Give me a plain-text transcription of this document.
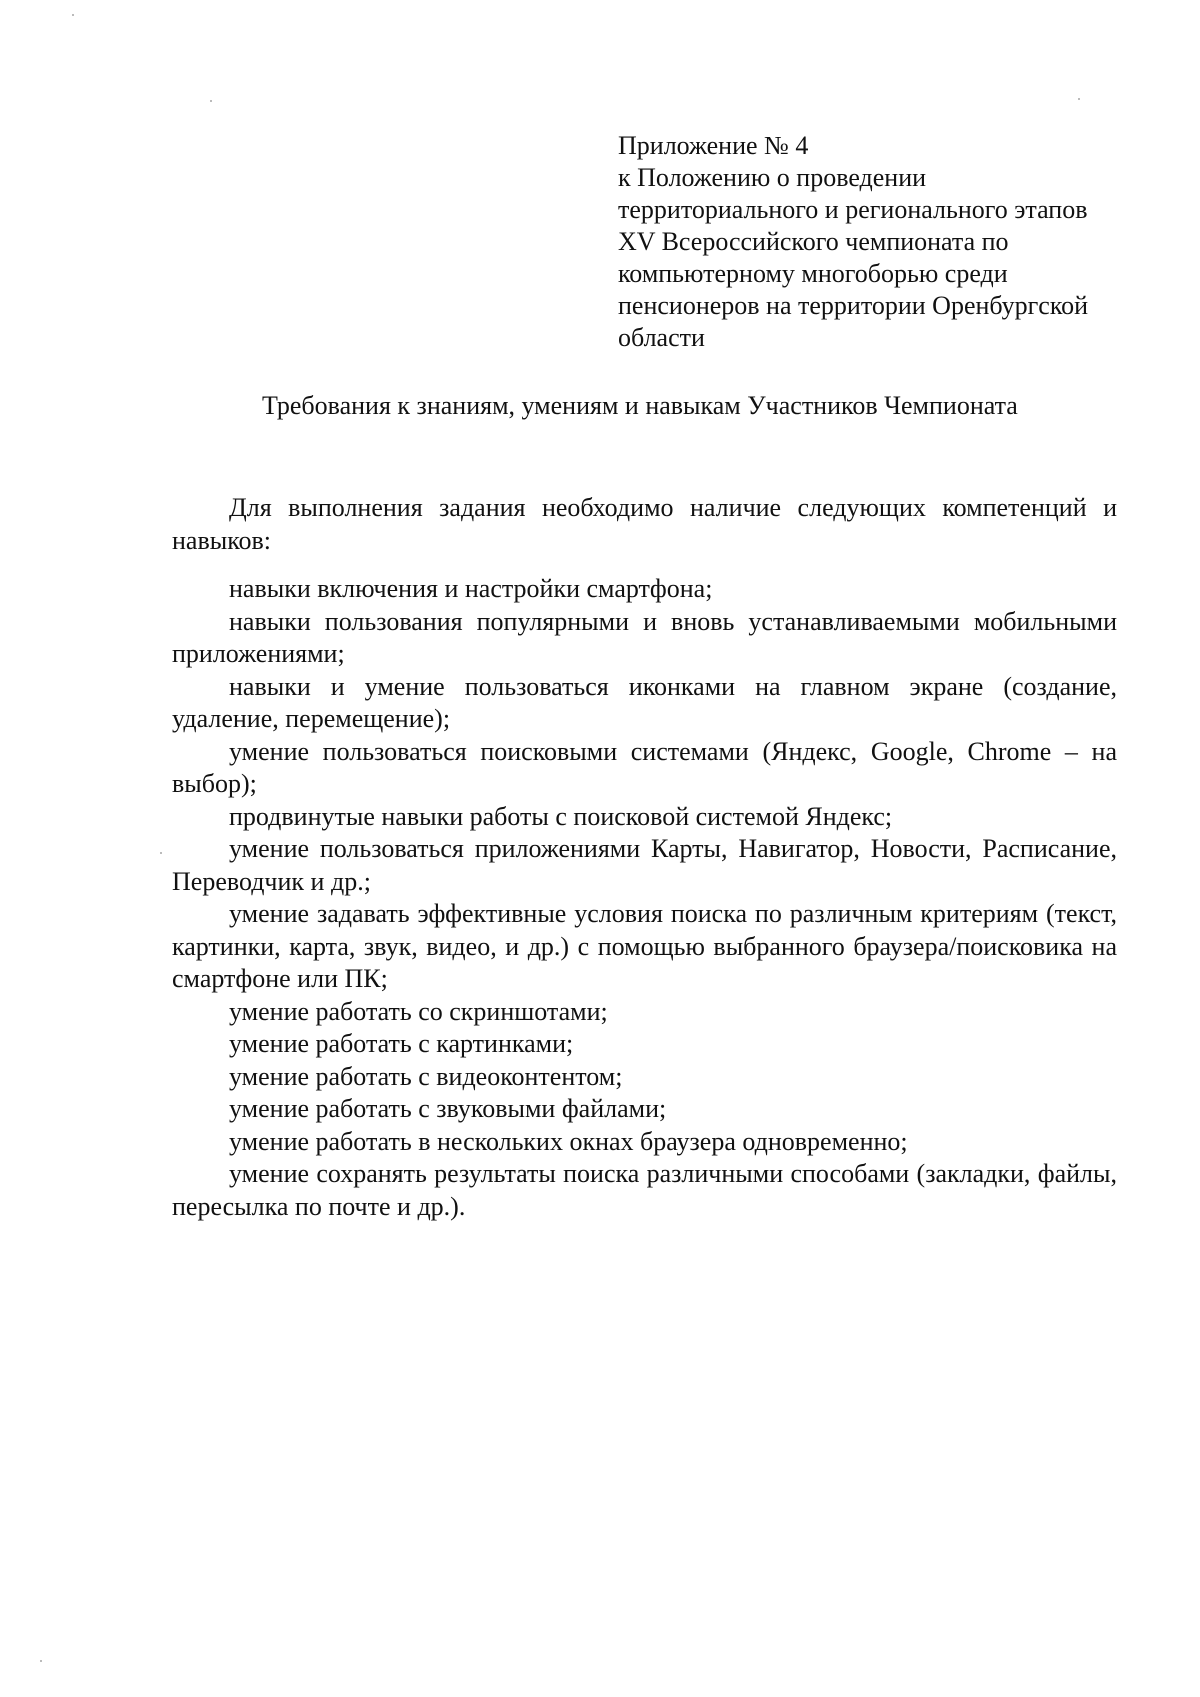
Приложение № 4
к Положению о проведении
территориального и регионального этапов
XV Всероссийского чемпионата по
компьютерному многоборью среди
пенсионеров на территории Оренбургской
области
Требования к знаниям, умениям и навыкам Участников Чемпионата

Для выполнения задания необходимо наличие следующих компетенций и навыков:

навыки включения и настройки смартфона;

навыки пользования популярными и вновь устанавливаемыми мобильными приложениями;

навыки и умение пользоваться иконками на главном экране (создание, удаление, перемещение);

умение пользоваться поисковыми системами (Яндекс, Google, Chrome – на выбор);

продвинутые навыки работы с поисковой системой Яндекс;

умение пользоваться приложениями Карты, Навигатор, Новости, Расписание, Переводчик и др.;

умение задавать эффективные условия поиска по различным критериям (текст, картинки, карта, звук, видео, и др.) с помощью выбранного браузера/поисковика на смартфоне или ПК;

умение работать со скриншотами;

умение работать с картинками;

умение работать с видеоконтентом;

умение работать с звуковыми файлами;

умение работать в нескольких окнах браузера одновременно;

умение сохранять результаты поиска различными способами (закладки, файлы, пересылка по почте и др.).
